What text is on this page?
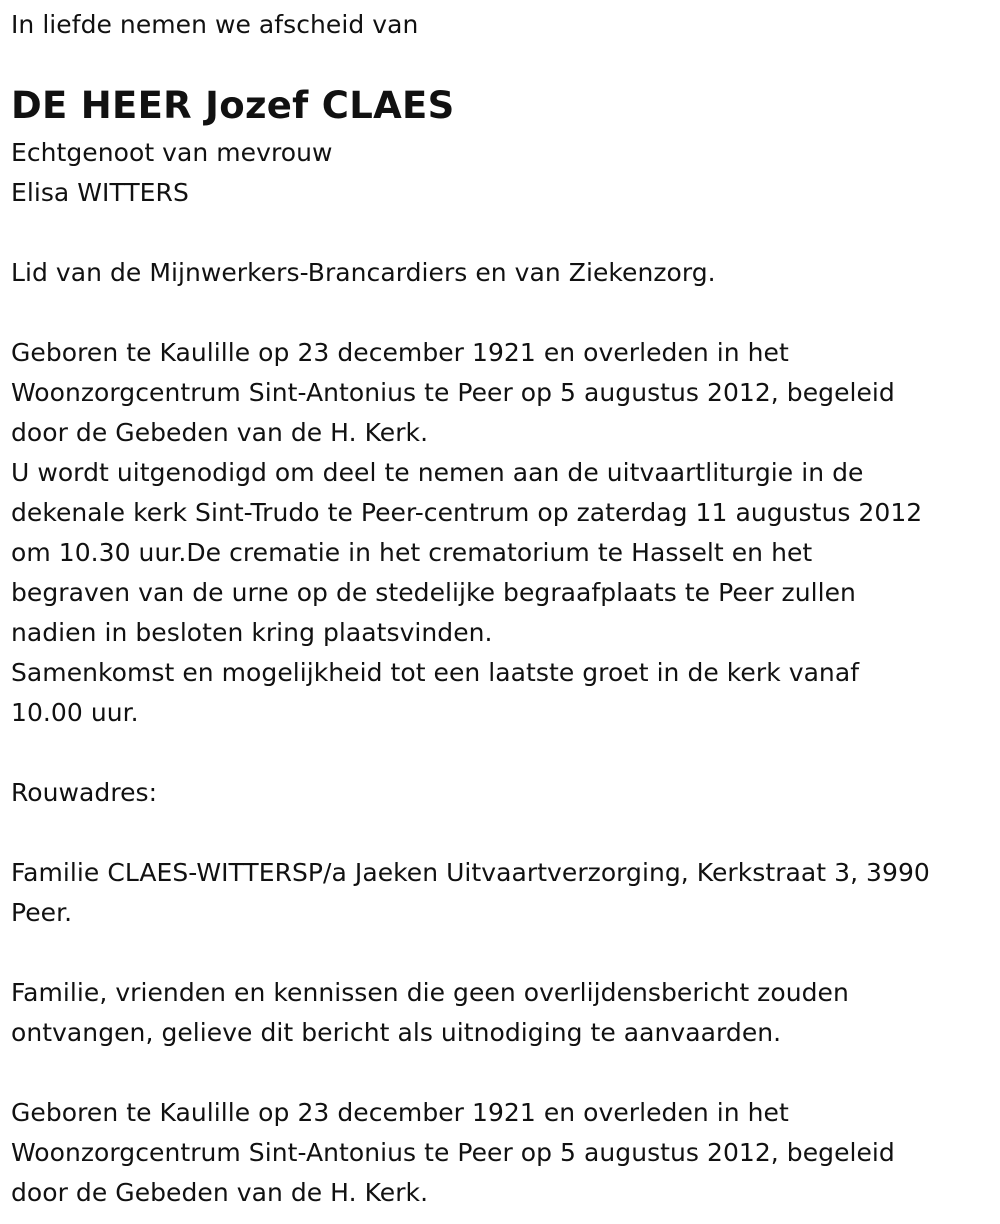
In liefde nemen we afscheid van
DE HEER Jozef CLAES
Echtgenoot van mevrouw
Elisa WITTERS
Lid van de Mijnwerkers-Brancardiers en van Ziekenzorg.
Geboren te Kaulille op 23 december 1921 en overleden in het
Woonzorgcentrum Sint-Antonius te Peer op 5 augustus 2012, begeleid
door de Gebeden van de H. Kerk.
U wordt uitgenodigd om deel te nemen aan de uitvaartliturgie in de
dekenale kerk Sint-Trudo te Peer-centrum op zaterdag 11 augustus 2012
om 10.30 uur.De crematie in het crematorium te Hasselt en het
begraven van de urne op de stedelijke begraafplaats te Peer zullen
nadien in besloten kring plaatsvinden.
Samenkomst en mogelijkheid tot een laatste groet in de kerk vanaf
10.00 uur.
Rouwadres:
Familie CLAES-WITTERSP/a Jaeken Uitvaartverzorging, Kerkstraat 3, 3990
Peer.
Familie, vrienden en kennissen die geen overlijdensbericht zouden
ontvangen, gelieve dit bericht als uitnodiging te aanvaarden.
Geboren te Kaulille op 23 december 1921 en overleden in het
Woonzorgcentrum Sint-Antonius te Peer op 5 augustus 2012, begeleid
door de Gebeden van de H. Kerk.
